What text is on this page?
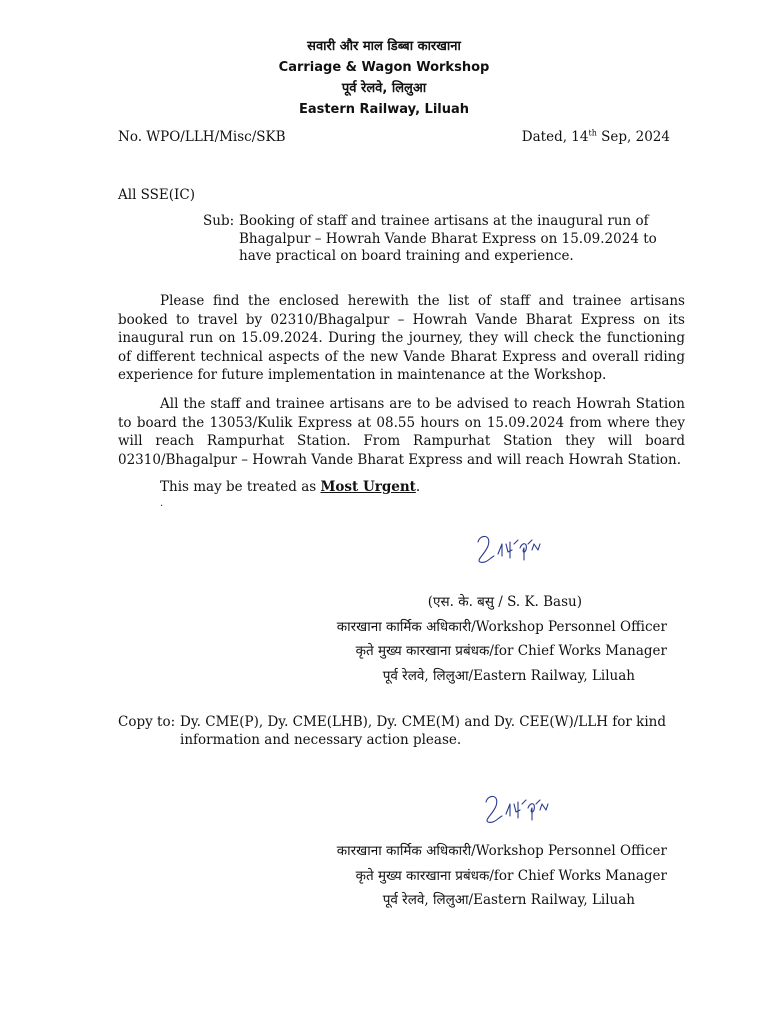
सवारी और माल डिब्बा कारखाना
Carriage & Wagon Workshop
पूर्व रेलवे, लिलुआ
Eastern Railway, Liluah
No. WPO/LLH/Misc/SKB	Dated, 14th Sep, 2024
All SSE(IC)
Sub: Booking of staff and trainee artisans at the inaugural run of Bhagalpur – Howrah Vande Bharat Express on 15.09.2024 to have practical on board training and experience.
Please find the enclosed herewith the list of staff and trainee artisans booked to travel by 02310/Bhagalpur – Howrah Vande Bharat Express on its inaugural run on 15.09.2024. During the journey, they will check the functioning of different technical aspects of the new Vande Bharat Express and overall riding experience for future implementation in maintenance at the Workshop.
All the staff and trainee artisans are to be advised to reach Howrah Station to board the 13053/Kulik Express at 08.55 hours on 15.09.2024 from where they will reach Rampurhat Station. From Rampurhat Station they will board 02310/Bhagalpur – Howrah Vande Bharat Express and will reach Howrah Station.
This may be treated as Most Urgent.
.
(एस. के. बसु / S. K. Basu)
कारखाना कार्मिक अधिकारी/Workshop Personnel Officer
कृते मुख्य कारखाना प्रबंधक/for Chief Works Manager
पूर्व रेलवे, लिलुआ/Eastern Railway, Liluah
Copy to: Dy. CME(P), Dy. CME(LHB), Dy. CME(M) and Dy. CEE(W)/LLH for kind information and necessary action please.
कारखाना कार्मिक अधिकारी/Workshop Personnel Officer
कृते मुख्य कारखाना प्रबंधक/for Chief Works Manager
पूर्व रेलवे, लिलुआ/Eastern Railway, Liluah
